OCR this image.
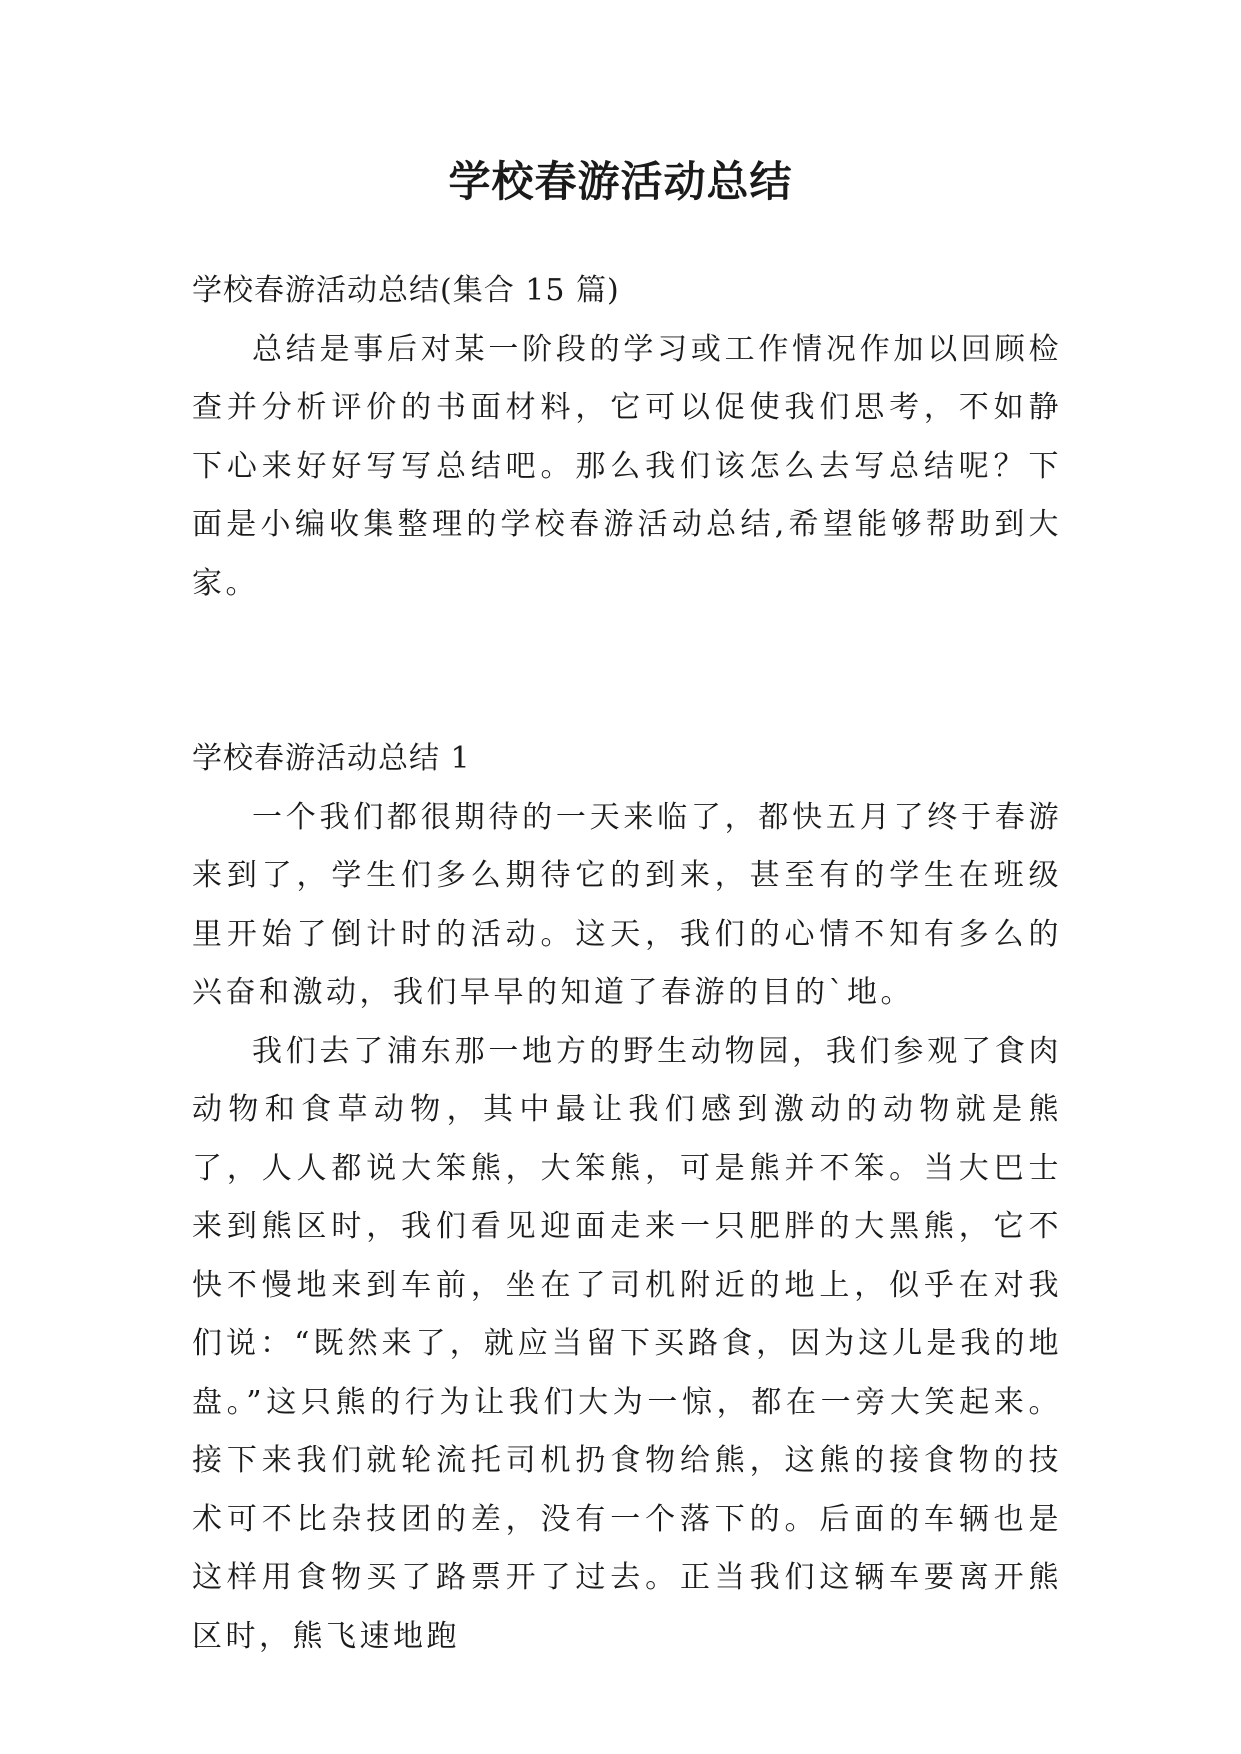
学校春游活动总结

学校春游活动总结(集合 15 篇)

总结是事后对某一阶段的学习或工作情况作加以回顾检查并分析评价的书面材料，它可以促使我们思考，不如静下心来好好写写总结吧。那么我们该怎么去写总结呢？下面是小编收集整理的学校春游活动总结,希望能够帮助到大家。

学校春游活动总结 1

一个我们都很期待的一天来临了，都快五月了终于春游来到了，学生们多么期待它的到来，甚至有的学生在班级里开始了倒计时的活动。这天，我们的心情不知有多么的兴奋和激动，我们早早的知道了春游的目的`地。

我们去了浦东那一地方的野生动物园，我们参观了食肉动物和食草动物，其中最让我们感到激动的动物就是熊了，人人都说大笨熊，大笨熊，可是熊并不笨。当大巴士来到熊区时，我们看见迎面走来一只肥胖的大黑熊，它不快不慢地来到车前，坐在了司机附近的地上，似乎在对我们说：“既然来了，就应当留下买路食，因为这儿是我的地盘。”这只熊的行为让我们大为一惊，都在一旁大笑起来。接下来我们就轮流托司机扔食物给熊，这熊的接食物的技术可不比杂技团的差，没有一个落下的。后面的车辆也是这样用食物买了路票开了过去。正当我们这辆车要离开熊区时，熊飞速地跑
